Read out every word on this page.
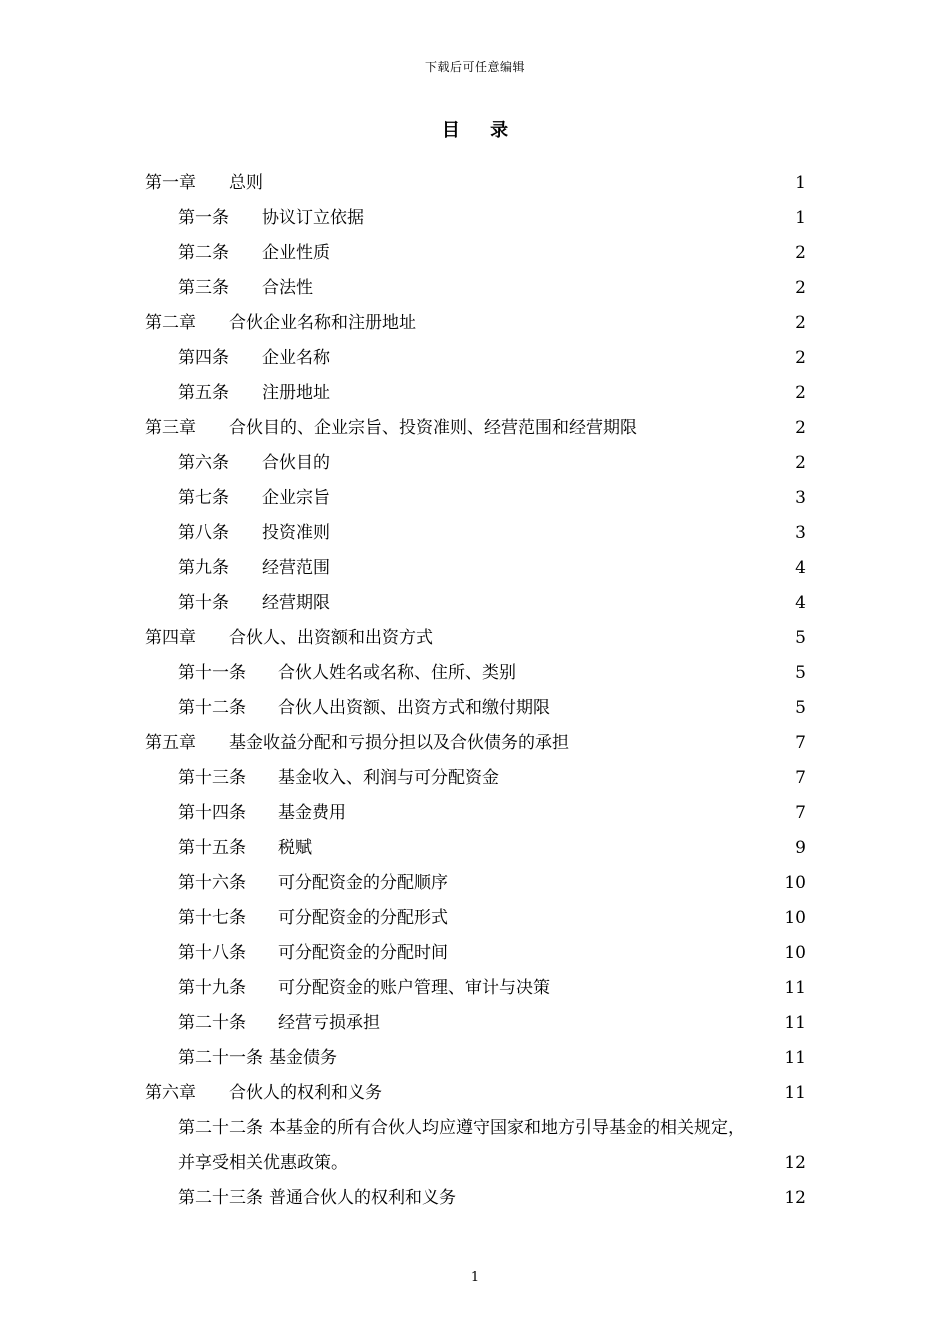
下载后可任意编辑
目 录
第一章 总则	1
第一条 协议订立依据	1
第二条 企业性质	2
第三条 合法性	2
第二章 合伙企业名称和注册地址	2
第四条 企业名称	2
第五条 注册地址	2
第三章 合伙目的、企业宗旨、投资准则、经营范围和经营期限	2
第六条 合伙目的	2
第七条 企业宗旨	3
第八条 投资准则	3
第九条 经营范围	4
第十条 经营期限	4
第四章 合伙人、出资额和出资方式	5
第十一条 合伙人姓名或名称、住所、类别	5
第十二条 合伙人出资额、出资方式和缴付期限	5
第五章 基金收益分配和亏损分担以及合伙债务的承担	7
第十三条 基金收入、利润与可分配资金	7
第十四条 基金费用	7
第十五条 税赋	9
第十六条 可分配资金的分配顺序	10
第十七条 可分配资金的分配形式	10
第十八条 可分配资金的分配时间	10
第十九条 可分配资金的账户管理、审计与决策	11
第二十条 经营亏损承担	11
第二十一条 基金债务	11
第六章 合伙人的权利和义务	11
第二十二条 本基金的所有合伙人均应遵守国家和地方引导基金的相关规定，
并享受相关优惠政策。	12
第二十三条 普通合伙人的权利和义务	12
1
